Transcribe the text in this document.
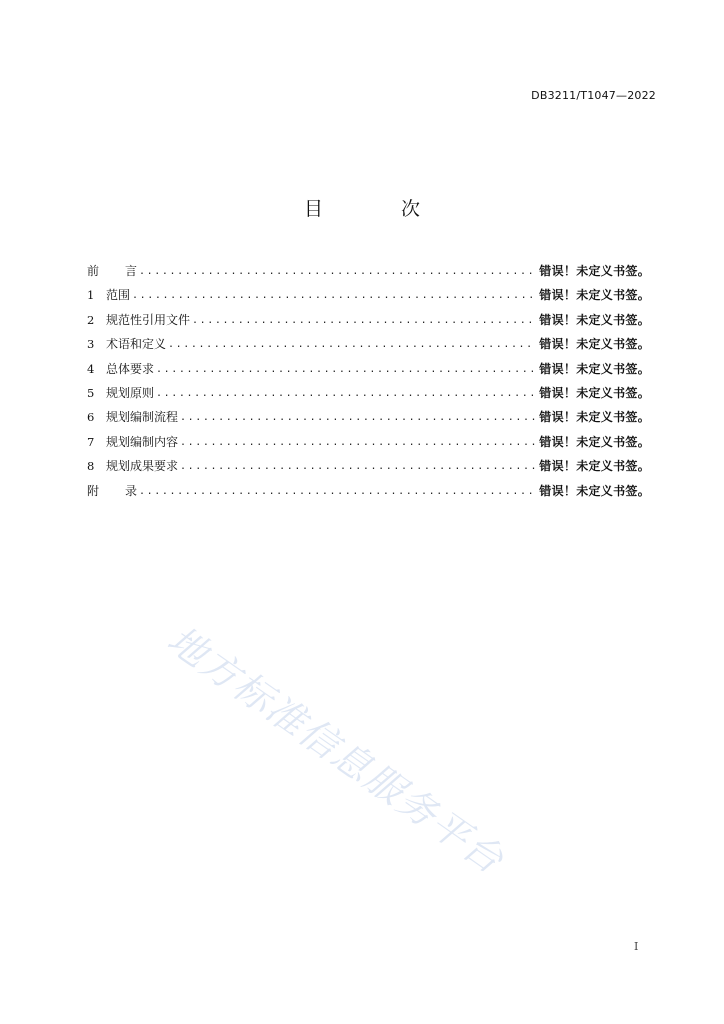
DB3211/T1047—2022
目 次
前	言 .....	错误！未定义书签。
1 范围 .....	错误！未定义书签。
2 规范性引用文件 .....	错误！未定义书签。
3 术语和定义 .....	错误！未定义书签。
4 总体要求 .....	错误！未定义书签。
5 规划原则 .....	错误！未定义书签。
6 规划编制流程 .....	错误！未定义书签。
7 规划编制内容 .....	错误！未定义书签。
8 规划成果要求 .....	错误！未定义书签。
附	录 .....	错误！未定义书签。
地方标准信息服务平台
I
